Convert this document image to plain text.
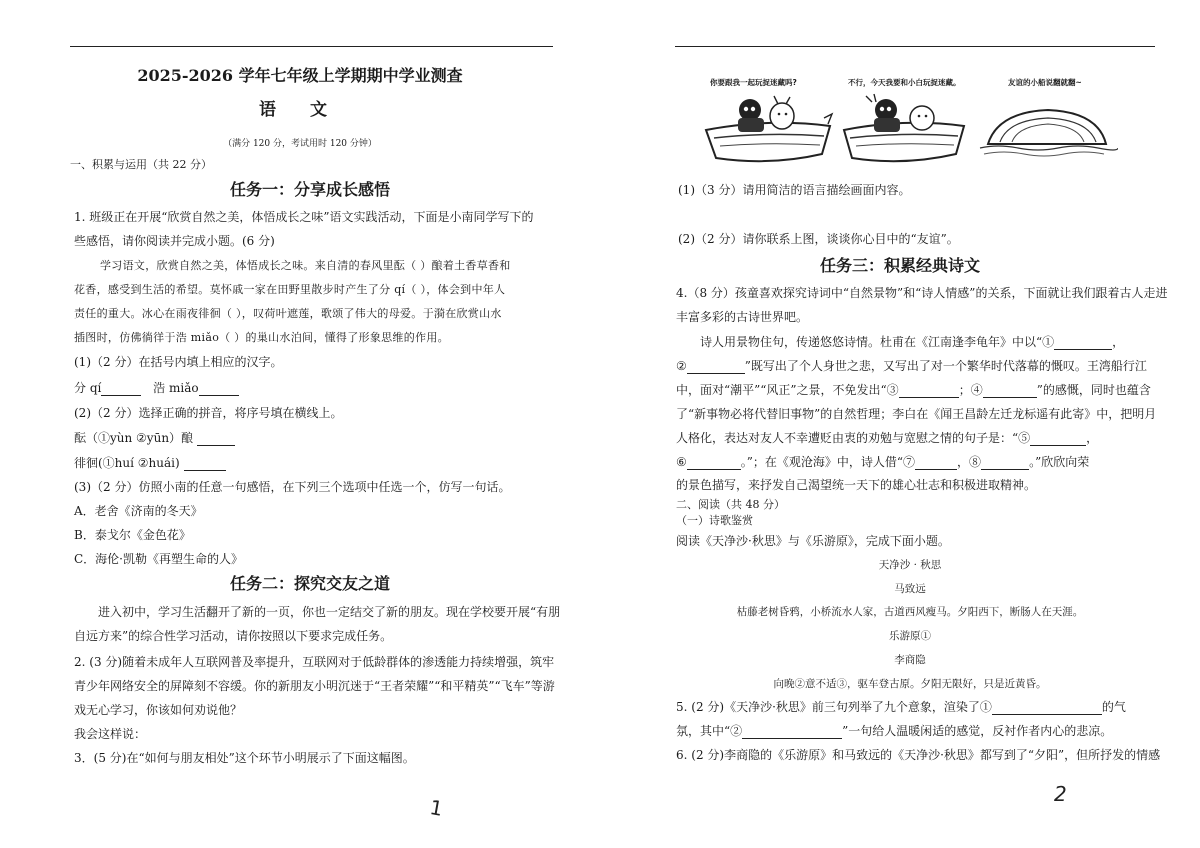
2025-2026 学年七年级上学期期中学业测查
语 文
（满分 120 分，考试用时 120 分钟）
一、积累与运用（共 22 分）
任务一：分享成长感悟
1. 班级正在开展“欣赏自然之美，体悟成长之味”语文实践活动，下面是小南同学写下的
些感悟，请你阅读并完成小题。(6 分)
学习语文，欣赏自然之美，体悟成长之味。来自清的春风里酝（ ）酿着土香草香和
花香，感受到生活的希望。莫怀戚一家在田野里散步时产生了分 qí（ ），体会到中年人
责任的重大。冰心在雨夜徘徊（ ），叹荷叶遮莲，歌颂了伟大的母爱。于漪在欣赏山水
插图时，仿佛徜徉于浩 miǎo（ ）的巢山水泊间，懂得了形象思维的作用。
(1)（2 分）在括号内填上相应的汉字。
分 qí	浩 miǎo
(2)（2 分）选择正确的拼音，将序号填在横线上。
酝（①yùn ②yūn）酿
徘徊(①huí ②huái)
(3)（2 分）仿照小南的任意一句感悟，在下列三个选项中任选一个，仿写一句话。
A．老舍《济南的冬天》
B．泰戈尔《金色花》
C．海伦·凯勒《再塑生命的人》
任务二：探究交友之道
进入初中，学习生活翻开了新的一页，你也一定结交了新的朋友。现在学校要开展“有朋
自远方来”的综合性学习活动，请你按照以下要求完成任务。
2. (3 分)随着未成年人互联网普及率提升，互联网对于低龄群体的渗透能力持续增强，筑牢
青少年网络安全的屏障刻不容缓。你的新朋友小明沉迷于“王者荣耀”“和平精英”“飞车”等游
戏无心学习，你该如何劝说他？
我会这样说：
3．(5 分)在“如何与朋友相处”这个环节小明展示了下面这幅图。
1
你要跟我一起玩捉迷藏吗?	不行，今天我要和小白玩捉迷藏。	友谊的小船说翻就翻~
(1)（3 分）请用简洁的语言描绘画面内容。
(2)（2 分）请你联系上图，谈谈你心目中的“友谊”。
任务三：积累经典诗文
4.（8 分）孩童喜欢探究诗词中“自然景物”和“诗人情感”的关系，下面就让我们跟着古人走进
丰富多彩的古诗世界吧。
诗人用景物住句，传递悠悠诗情。杜甫在《江南逢李龟年》中以“①	，
②	”既写出了个人身世之悲，又写出了对一个繁华时代落幕的慨叹。王湾船行江
中，面对“潮平”“风正”之景，不免发出“③	；④	”的感慨，同时也蕴含
了“新事物必将代替旧事物”的自然哲理；李白在《闻王昌龄左迁龙标遥有此寄》中，把明月
人格化，表达对友人不幸遭贬由衷的劝勉与宽慰之情的句子是：“⑤	，
⑥	。”；在《观沧海》中，诗人借“⑦	，⑧	。”欣欣向荣
的景色描写，来抒发自己渴望统一天下的雄心壮志和积极进取精神。
二、阅读（共 48 分）
（一）诗歌鉴赏
阅读《天净沙·秋思》与《乐游原》，完成下面小题。
天净沙 · 秋思
马致远
枯藤老树昏鸦，小桥流水人家，古道西风瘦马。夕阳西下，断肠人在天涯。
乐游原①
李商隐
向晚②意不适③，驱车登古原。夕阳无限好，只是近黄昏。
5. (2 分)《天净沙·秋思》前三句列举了九个意象，渲染了①	的气
氛，其中“②	”一句给人温暖闲适的感觉，反衬作者内心的悲凉。
6. (2 分)李商隐的《乐游原》和马致远的《天净沙·秋思》都写到了“夕阳”，但所抒发的情感
2
